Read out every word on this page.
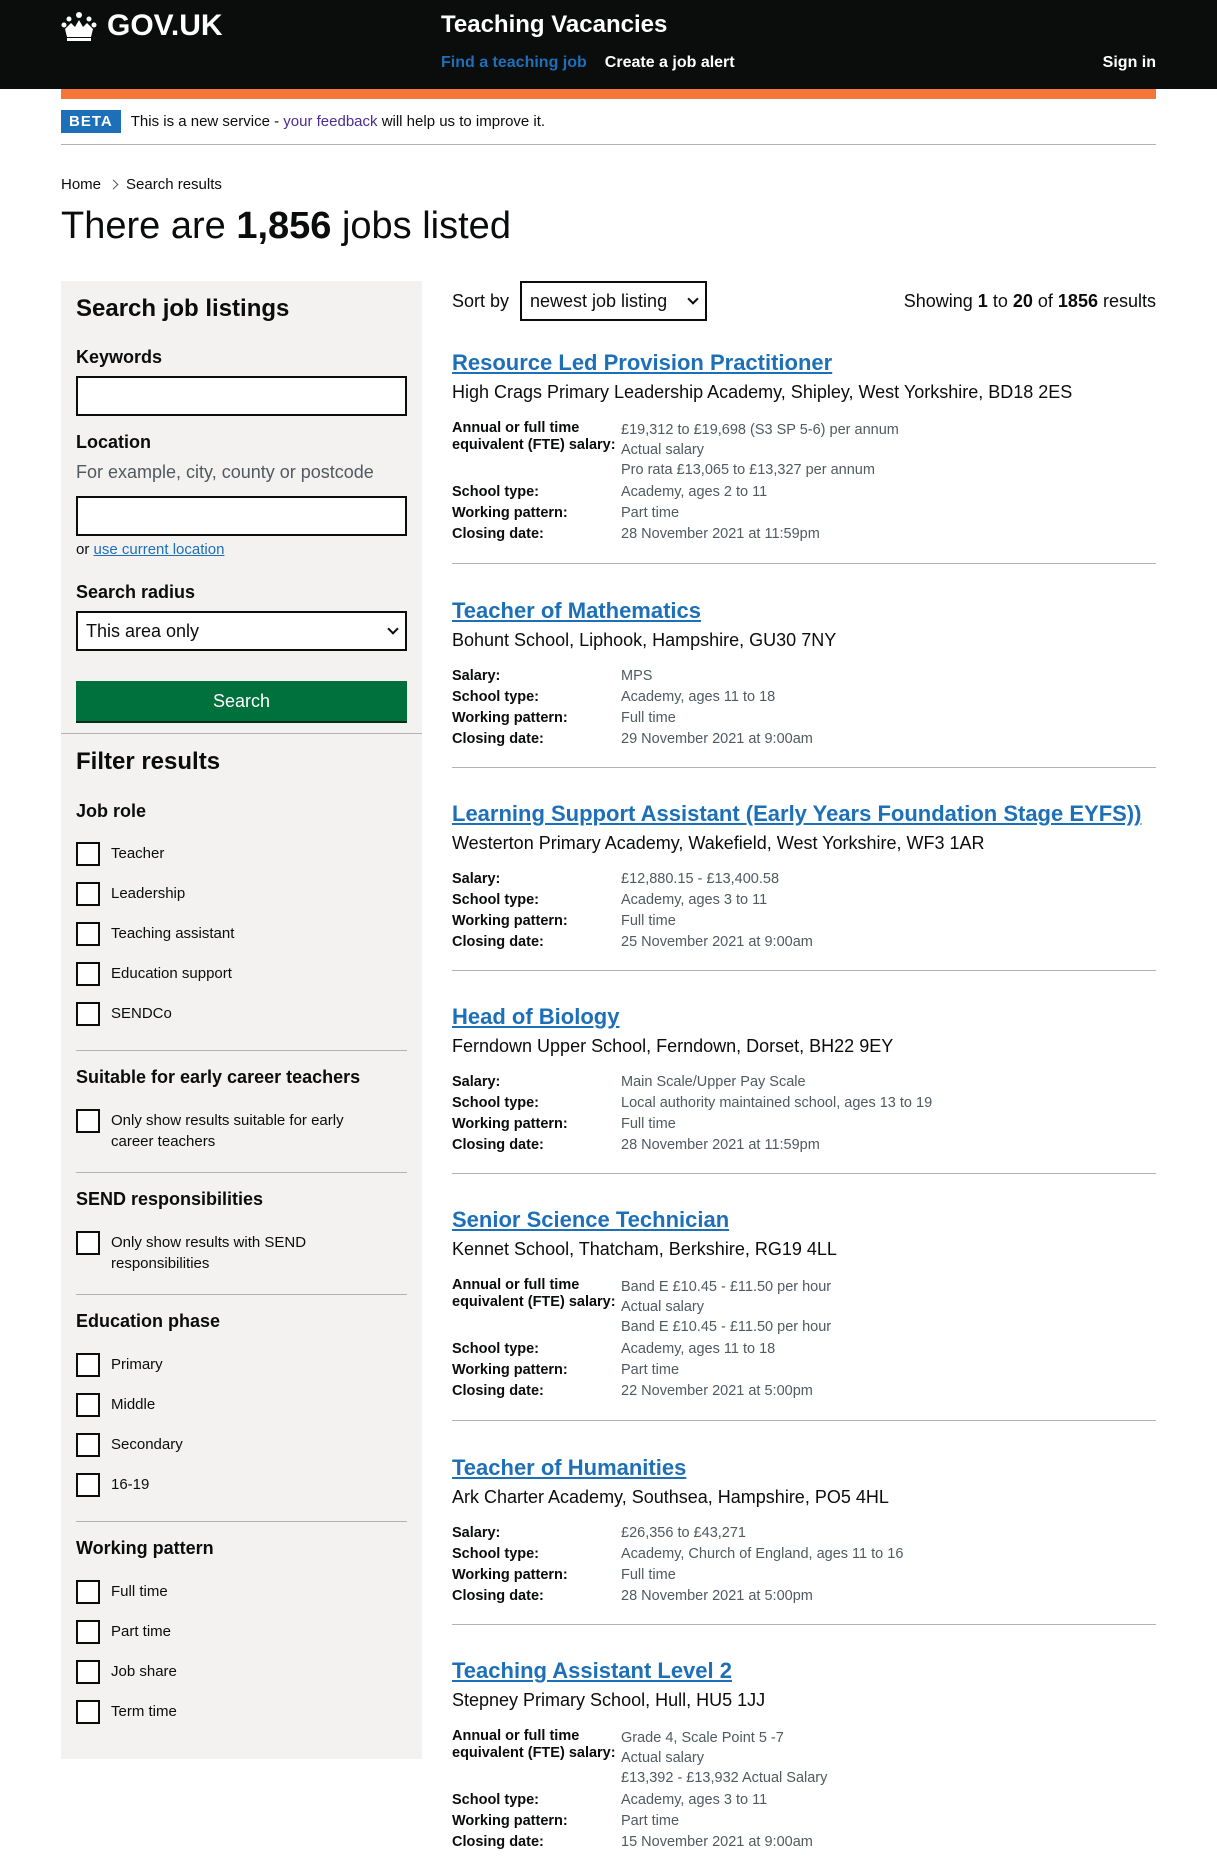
GOV.UK	Teaching Vacancies
Find a teaching job Create a job alert	Sign in
BETA	This is a new service -
your feedback
will help us to improve it.
Home Search results
There are 1,856 jobs listed
Search job listings
Keywords
Location
For example, city, county or postcode
or use current location
Search radius
This area only
Search
Filter results
Job role
Teacher
Leadership
Teaching assistant
Education support
SENDCo
Suitable for early career teachers
Only show results suitable for early career teachers
SEND responsibilities
Only show results with SEND responsibilities
Education phase
Primary
Middle
Secondary
16-19
Working pattern
Full time
Part time
Job share
Term time
Sort by newest job listing	Showing 1 to 20 of 1856 results
Resource Led Provision Practitioner
High Crags Primary Leadership Academy, Shipley, West Yorkshire, BD18 2ES
Annual or full time equivalent (FTE) salary:
£19,312 to £19,698 (S3 SP 5-6) per annum
Actual salary
Pro rata £13,065 to £13,327 per annum
School type:	Academy, ages 2 to 11
Working pattern:	Part time
Closing date:	28 November 2021 at 11:59pm
Teacher of Mathematics
Bohunt School, Liphook, Hampshire, GU30 7NY
Salary:	MPS
School type:	Academy, ages 11 to 18
Working pattern:	Full time
Closing date:	29 November 2021 at 9:00am
Learning Support Assistant (Early Years Foundation Stage EYFS))
Westerton Primary Academy, Wakefield, West Yorkshire, WF3 1AR
Salary:	£12,880.15 - £13,400.58
School type:	Academy, ages 3 to 11
Working pattern:	Full time
Closing date:	25 November 2021 at 9:00am
Head of Biology
Ferndown Upper School, Ferndown, Dorset, BH22 9EY
Salary:	Main Scale/Upper Pay Scale
School type:	Local authority maintained school, ages 13 to 19
Working pattern:	Full time
Closing date:	28 November 2021 at 11:59pm
Senior Science Technician
Kennet School, Thatcham, Berkshire, RG19 4LL
Annual or full time equivalent (FTE) salary:
Band E £10.45 - £11.50 per hour
Actual salary
Band E £10.45 - £11.50 per hour
School type:	Academy, ages 11 to 18
Working pattern:	Part time
Closing date:	22 November 2021 at 5:00pm
Teacher of Humanities
Ark Charter Academy, Southsea, Hampshire, PO5 4HL
Salary:	£26,356 to £43,271
School type:	Academy, Church of England, ages 11 to 16
Working pattern:	Full time
Closing date:	28 November 2021 at 5:00pm
Teaching Assistant Level 2
Stepney Primary School, Hull, HU5 1JJ
Annual or full time equivalent (FTE) salary:
Grade 4, Scale Point 5 -7
Actual salary
£13,392 - £13,932 Actual Salary
School type:	Academy, ages 3 to 11
Working pattern:	Part time
Closing date:	15 November 2021 at 9:00am
